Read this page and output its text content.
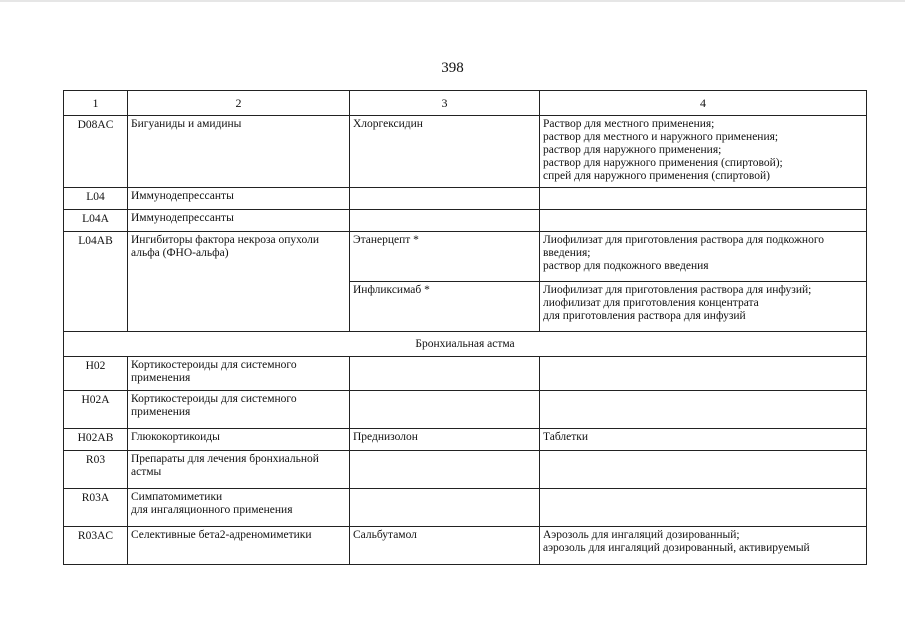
398
1	2	3	4
D08AC	Бигуаниды и амидины	Хлоргексидин	Раствор для местного применения;
раствор для местного и наружного применения;
раствор для наружного применения;
раствор для наружного применения (спиртовой);
спрей для наружного применения (спиртовой)
L04	Иммунодепрессанты		
L04A	Иммунодепрессанты		
L04AB	Ингибиторы фактора некроза опухоли альфа (ФНО-альфа)	Этанерцепт *	Лиофилизат для приготовления раствора для подкожного введения;
раствор для подкожного введения
		Инфликсимаб *	Лиофилизат для приготовления раствора для инфузий;
лиофилизат для приготовления концентрата
для приготовления раствора для инфузий
Бронхиальная астма			
H02	Кортикостероиды для системного применения		
H02A	Кортикостероиды для системного применения		
H02AB	Глюкокортикоиды	Преднизолон	Таблетки
R03	Препараты для лечения бронхиальной астмы		
R03A	Симпатомиметики
для ингаляционного применения		
R03AC	Селективные бета2-адреномиметики	Сальбутамол	Аэрозоль для ингаляций дозированный;
аэрозоль для ингаляций дозированный, активируемый
